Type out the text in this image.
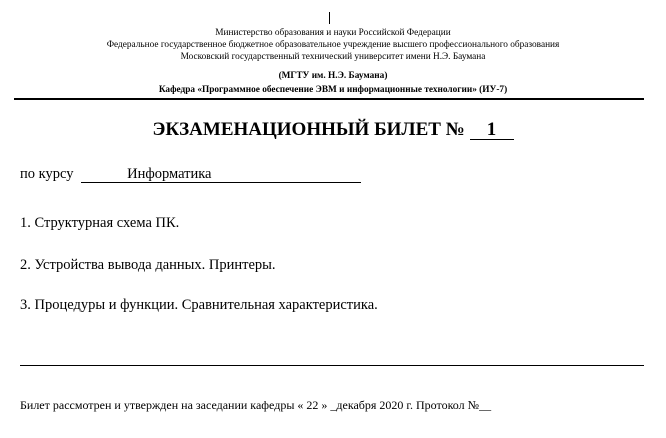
Министерство образования и науки Российской Федерации
Федеральное государственное бюджетное образовательное учреждение высшего профессионального образования
Московский государственный технический университет имени Н.Э. Баумана
(МГТУ им. Н.Э. Баумана)
Кафедра «Программное обеспечение ЭВМ и информационные технологии» (ИУ-7)
ЭКЗАМЕНАЦИОННЫЙ БИЛЕТ № 1
по курсу	Информатика
1. Структурная схема ПК.
2. Устройства вывода данных. Принтеры.
3. Процедуры и функции. Сравнительная характеристика.
Билет рассмотрен и утвержден на заседании кафедры « 22 » _декабря 2020 г. Протокол №__
